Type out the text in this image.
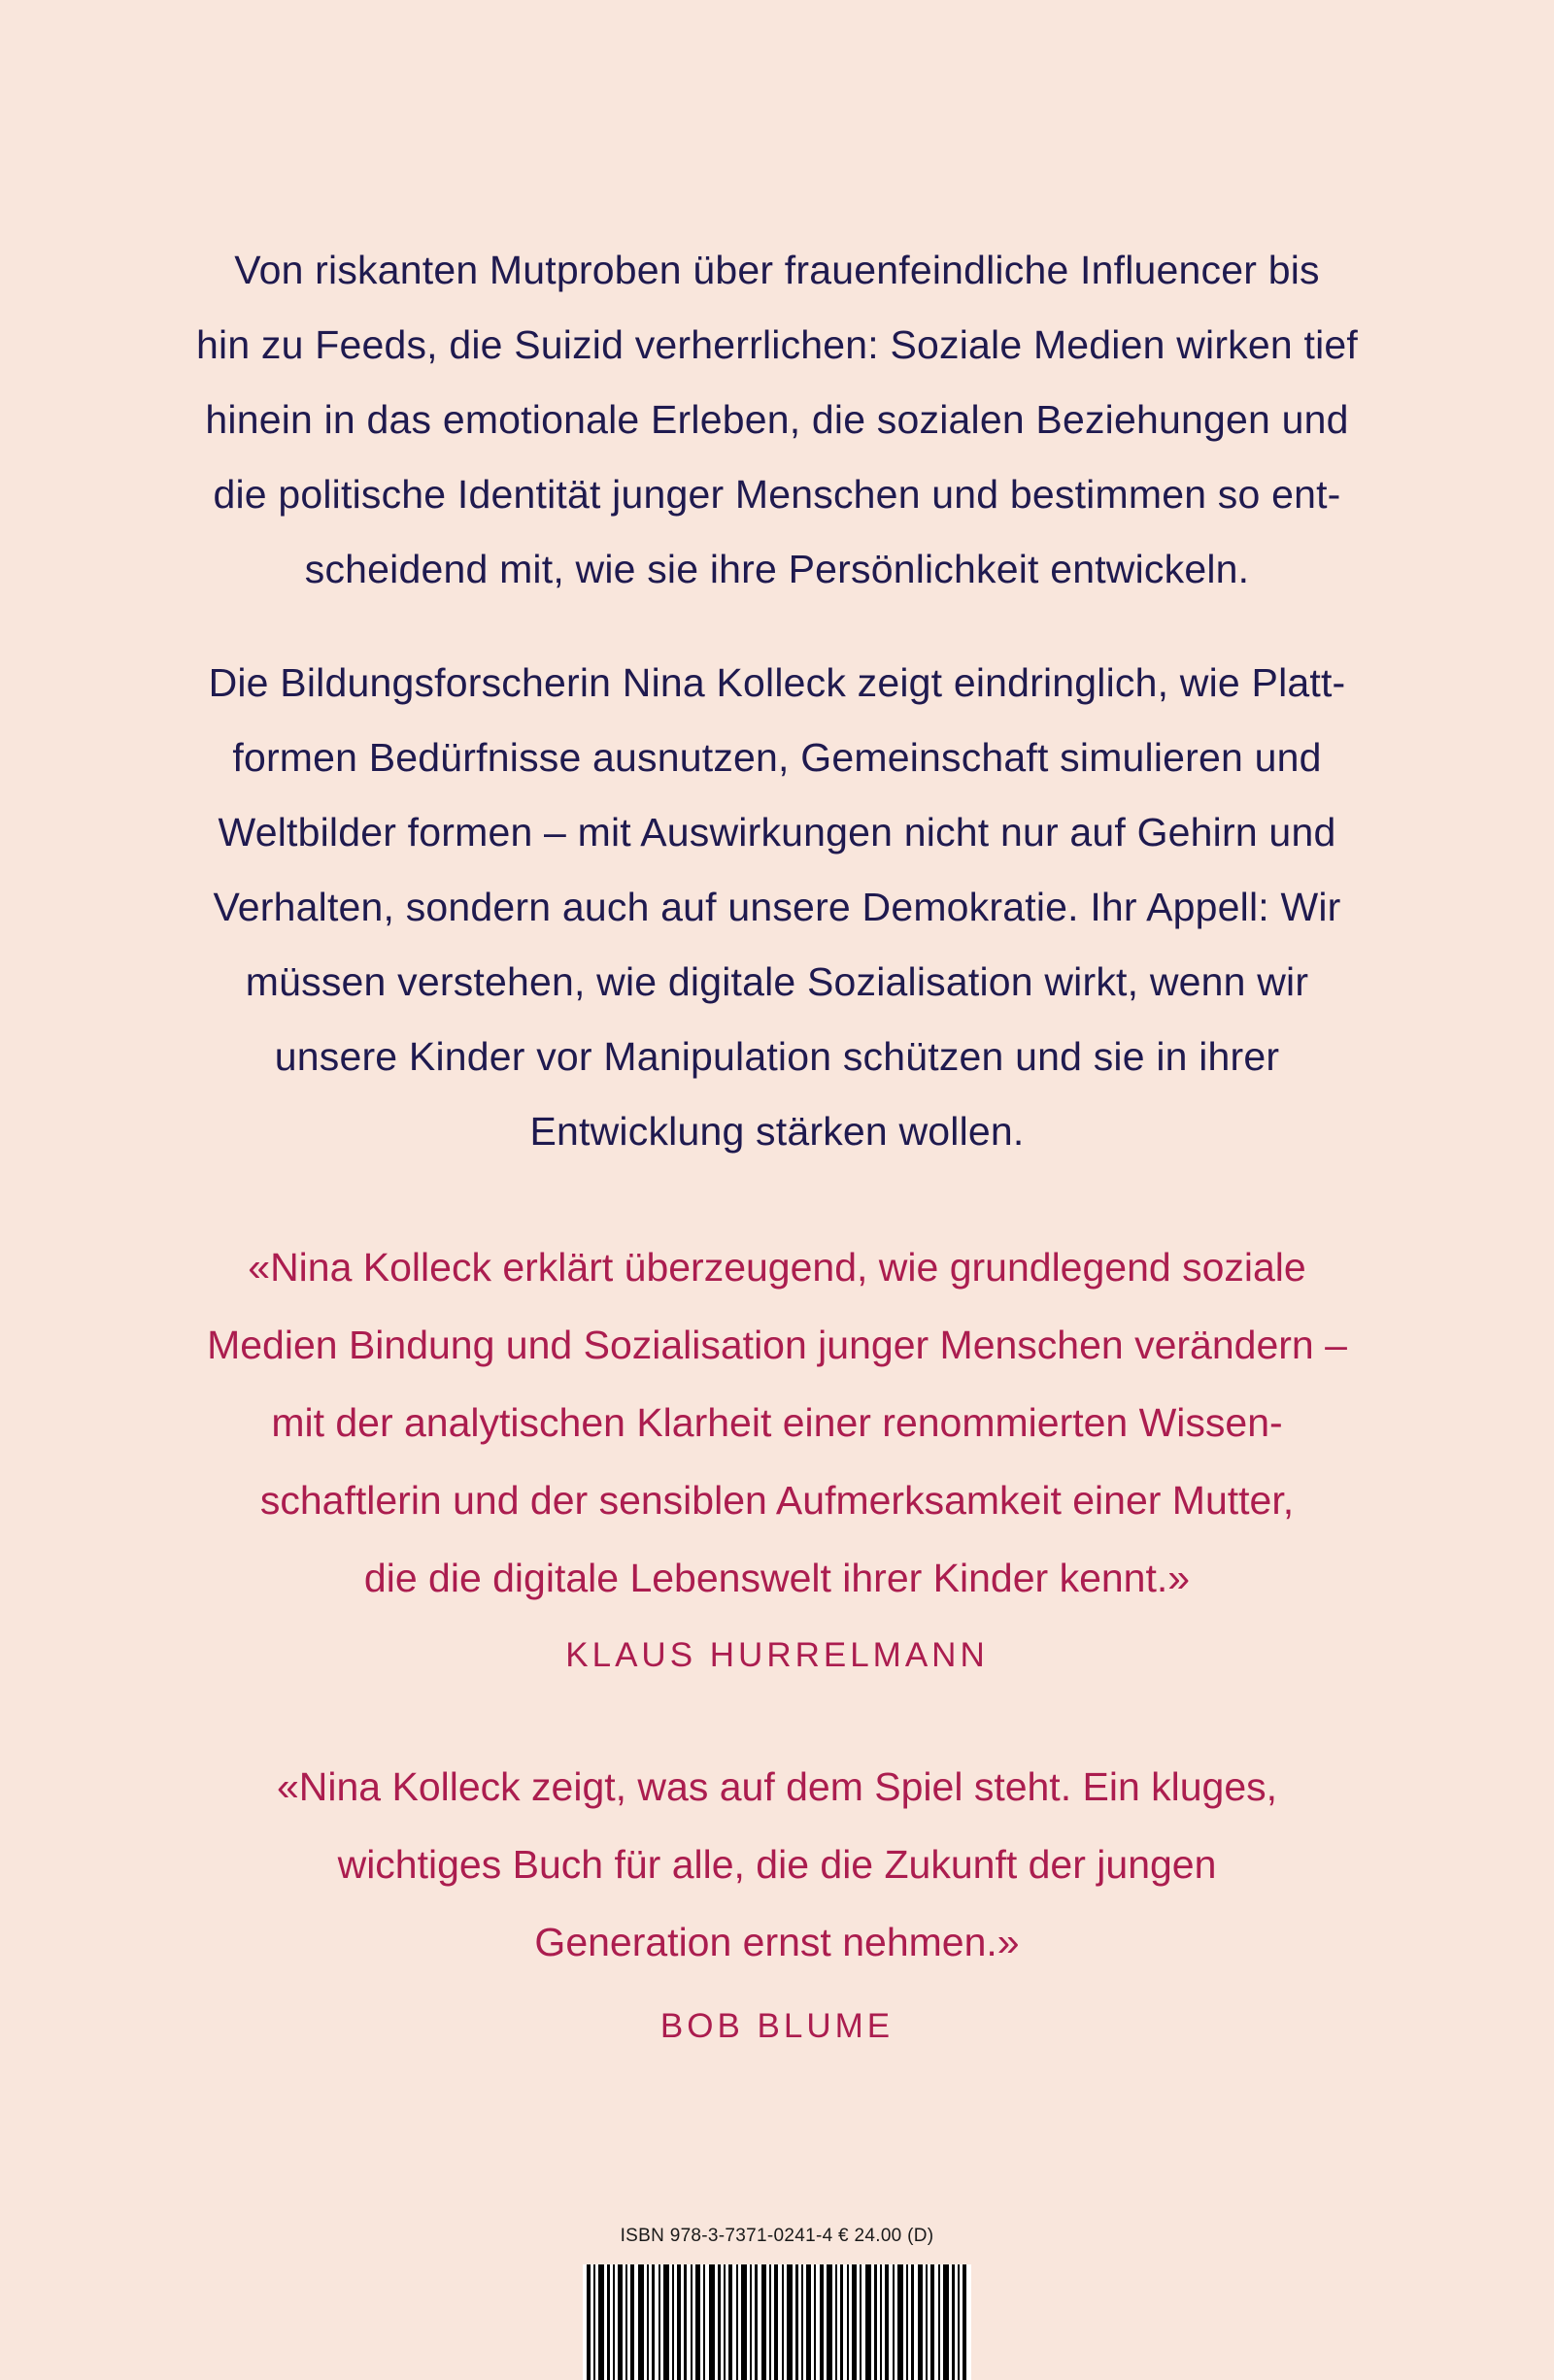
Von riskanten Mutproben über frauenfeindliche Influencer bis

hin zu Feeds, die Suizid verherrlichen: Soziale Medien wirken tief

hinein in das emotionale Erleben, die sozialen Beziehungen und

die politische Identität junger Menschen und bestimmen so ent-

scheidend mit, wie sie ihre Persönlichkeit entwickeln.

Die Bildungsforscherin Nina Kolleck zeigt eindringlich, wie Platt-

formen Bedürfnisse ausnutzen, Gemeinschaft simulieren und

Weltbilder formen – mit Auswirkungen nicht nur auf Gehirn und

Verhalten, sondern auch auf unsere Demokratie. Ihr Appell: Wir

müssen verstehen, wie digitale Sozialisation wirkt, wenn wir

unsere Kinder vor Manipulation schützen und sie in ihrer

Entwicklung stärken wollen.

«Nina Kolleck erklärt überzeugend, wie grundlegend soziale

Medien Bindung und Sozialisation junger Menschen verändern –

mit der analytischen Klarheit einer renommierten Wissen-

schaftlerin und der sensiblen Aufmerksamkeit einer Mutter,

die die digitale Lebenswelt ihrer Kinder kennt.»

KLAUS HURRELMANN

«Nina Kolleck zeigt, was auf dem Spiel steht. Ein kluges,

wichtiges Buch für alle, die die Zukunft der jungen

Generation ernst nehmen.»

BOB BLUME
ISBN 978-3-7371-0241-4 € 24.00 (D)
